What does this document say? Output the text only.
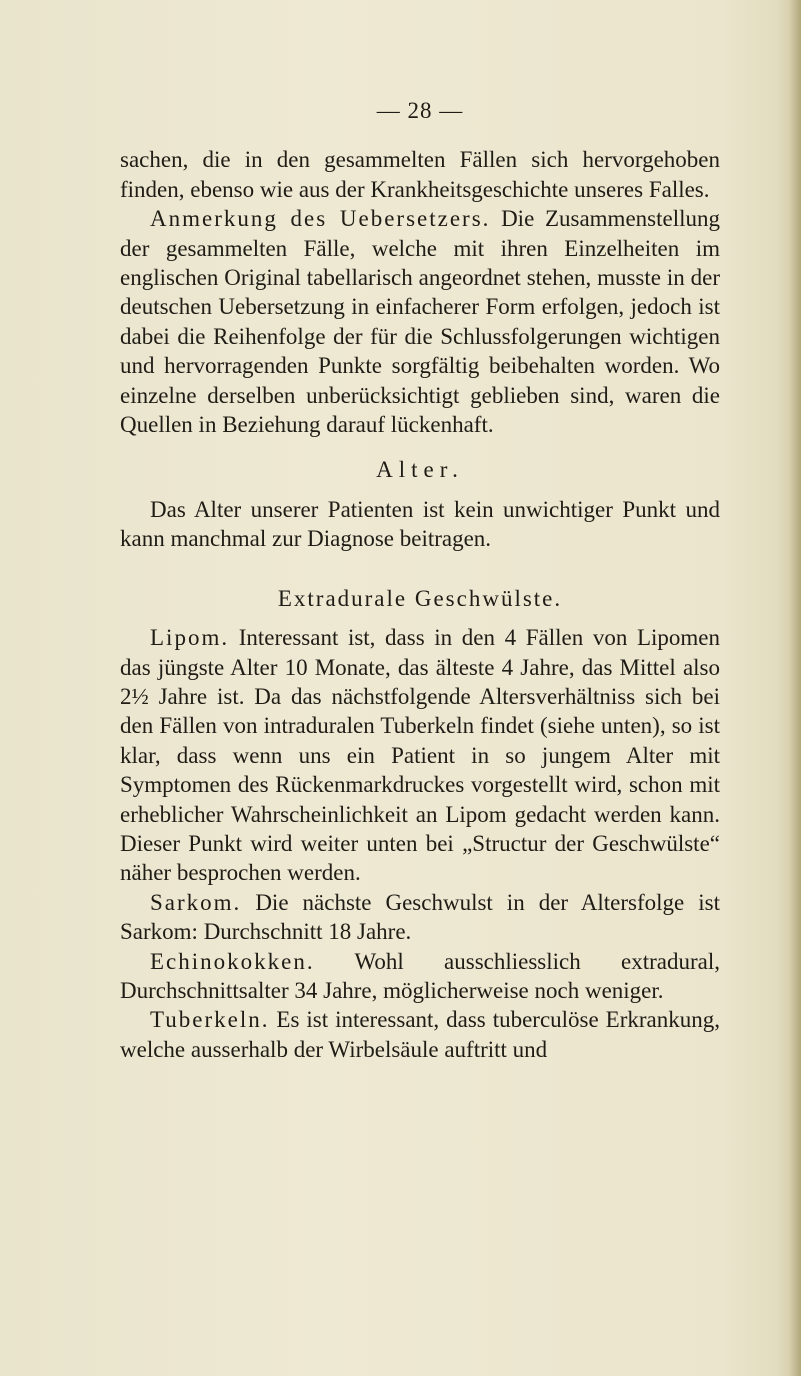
— 28 —

sachen, die in den gesammelten Fällen sich hervorgehoben finden, ebenso wie aus der Krankheitsgeschichte unseres Falles.

Anmerkung des Uebersetzers. Die Zusammenstellung der gesammelten Fälle, welche mit ihren Einzelheiten im englischen Original tabellarisch angeordnet stehen, musste in der deutschen Uebersetzung in einfacherer Form erfolgen, jedoch ist dabei die Reihenfolge der für die Schlussfolgerungen wichtigen und hervorragenden Punkte sorgfältig beibehalten worden. Wo einzelne derselben unberücksichtigt geblieben sind, waren die Quellen in Beziehung darauf lückenhaft.

Alter.

Das Alter unserer Patienten ist kein unwichtiger Punkt und kann manchmal zur Diagnose beitragen.

Extradurale Geschwülste.

Lipom. Interessant ist, dass in den 4 Fällen von Lipomen das jüngste Alter 10 Monate, das älteste 4 Jahre, das Mittel also 2½ Jahre ist. Da das nächstfolgende Altersverhältniss sich bei den Fällen von intraduralen Tuberkeln findet (siehe unten), so ist klar, dass wenn uns ein Patient in so jungem Alter mit Symptomen des Rückenmarkdruckes vorgestellt wird, schon mit erheblicher Wahrscheinlichkeit an Lipom gedacht werden kann. Dieser Punkt wird weiter unten bei „Structur der Geschwülste“ näher besprochen werden.

Sarkom. Die nächste Geschwulst in der Altersfolge ist Sarkom: Durchschnitt 18 Jahre.

Echinokokken. Wohl ausschliesslich extradural, Durchschnittsalter 34 Jahre, möglicherweise noch weniger.

Tuberkeln. Es ist interessant, dass tuberculöse Erkrankung, welche ausserhalb der Wirbelsäule auftritt und
